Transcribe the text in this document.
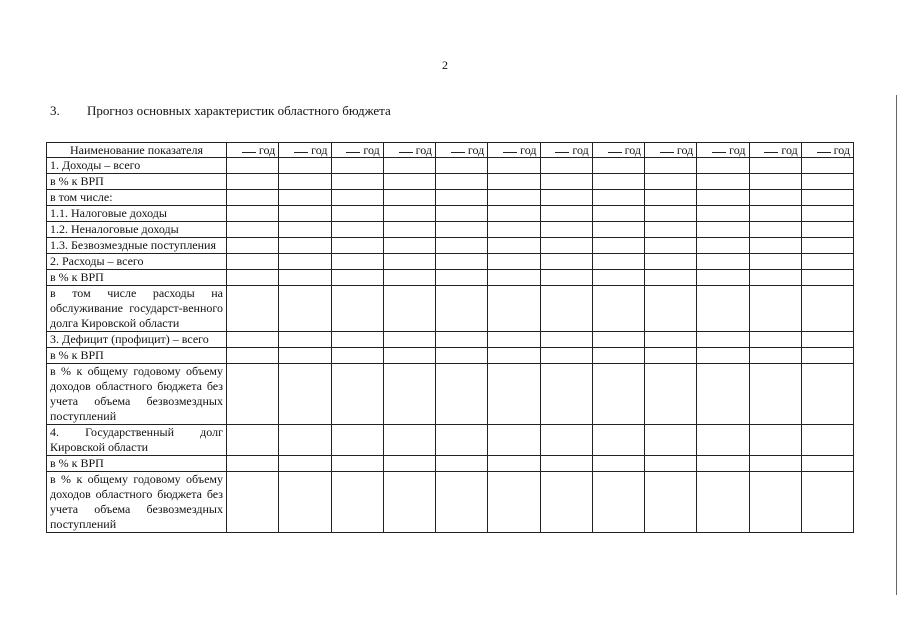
2
3. Прогноз основных характеристик областного бюджета
Наименование показателя	год	год	год	год	год	год	год	год	год	год	год	год
1. Доходы – всего												
в % к ВРП												
в том числе:												
1.1. Налоговые доходы												
1.2. Неналоговые доходы												
1.3. Безвозмездные поступления												
2. Расходы – всего												
в % к ВРП												
в том числе расходы на обслуживание государст-венного долга Кировской области												
3. Дефицит (профицит) – всего												
в % к ВРП												
в % к общему годовому объему доходов областного бюджета без учета объема безвозмездных поступлений												
4. Государственный долг Кировской области												
в % к ВРП												
в % к общему годовому объему доходов областного бюджета без учета объема безвозмездных поступлений												
